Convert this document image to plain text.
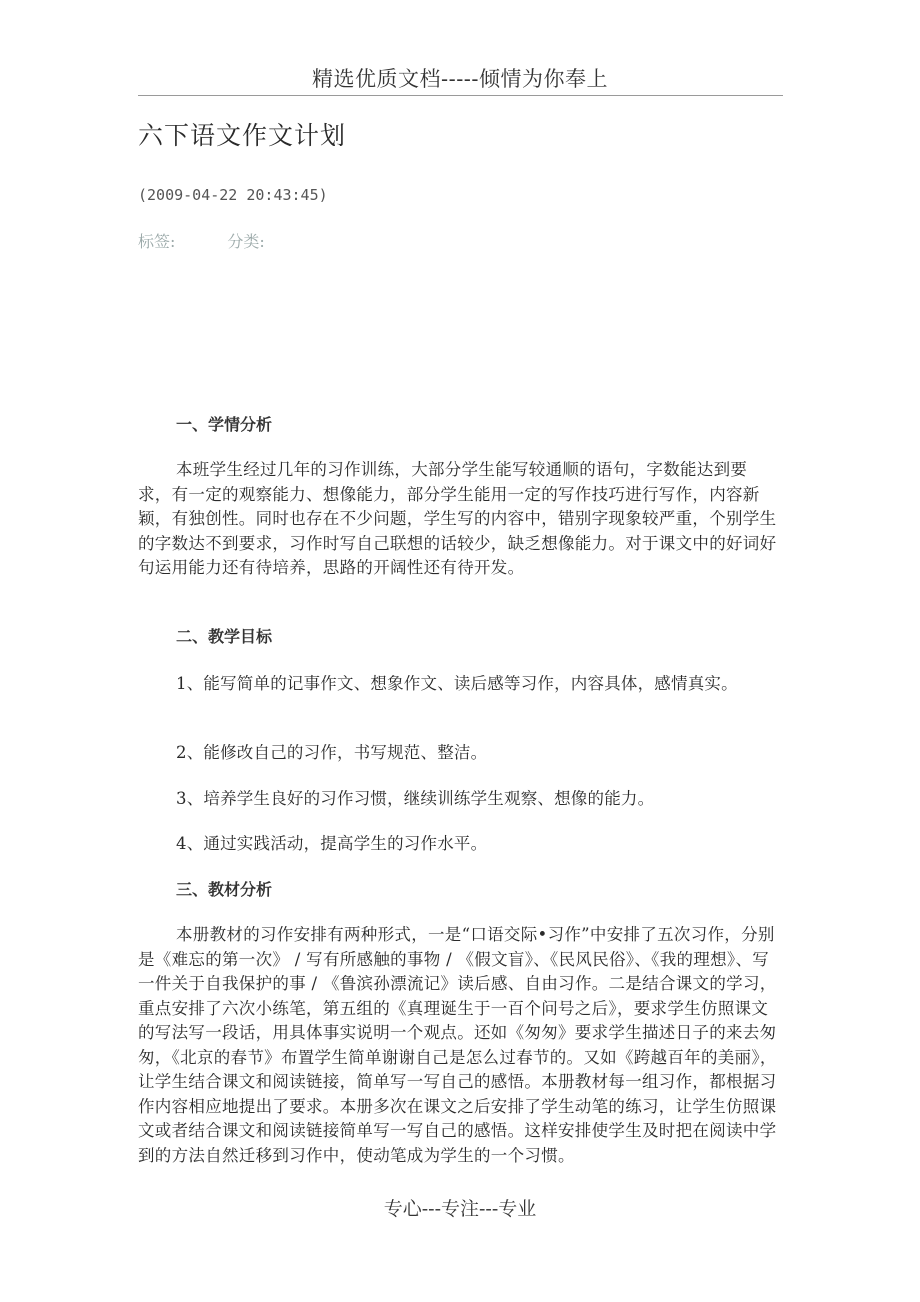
精选优质文档-----倾情为你奉上
六下语文作文计划
(2009-04-22 20:43:45)
标签:	分类:
一、学情分析
本班学生经过几年的习作训练，大部分学生能写较通顺的语句，字数能达到要求，有一定的观察能力、想像能力，部分学生能用一定的写作技巧进行写作，内容新颖，有独创性。同时也存在不少问题，学生写的内容中，错别字现象较严重，个别学生的字数达不到要求，习作时写自己联想的话较少，缺乏想像能力。对于课文中的好词好句运用能力还有待培养，思路的开阔性还有待开发。
二、教学目标
1、能写简单的记事作文、想象作文、读后感等习作，内容具体，感情真实。
2、能修改自己的习作，书写规范、整洁。
3、培养学生良好的习作习惯，继续训练学生观察、想像的能力。
4、通过实践活动，提高学生的习作水平。
三、教材分析
本册教材的习作安排有两种形式，一是“口语交际•习作”中安排了五次习作，分别是《难忘的第一次》 / 写有所感触的事物 / 《假文盲》、《民风民俗》、《我的理想》、写一件关于自我保护的事 / 《鲁滨孙漂流记》读后感、自由习作。二是结合课文的学习，重点安排了六次小练笔，第五组的《真理诞生于一百个问号之后》，要求学生仿照课文的写法写一段话，用具体事实说明一个观点。还如《匆匆》要求学生描述日子的来去匆匆，《北京的春节》布置学生简单谢谢自己是怎么过春节的。又如《跨越百年的美丽》，让学生结合课文和阅读链接，简单写一写自己的感悟。本册教材每一组习作，都根据习作内容相应地提出了要求。本册多次在课文之后安排了学生动笔的练习，让学生仿照课文或者结合课文和阅读链接简单写一写自己的感悟。这样安排使学生及时把在阅读中学到的方法自然迁移到习作中，使动笔成为学生的一个习惯。
专心---专注---专业
